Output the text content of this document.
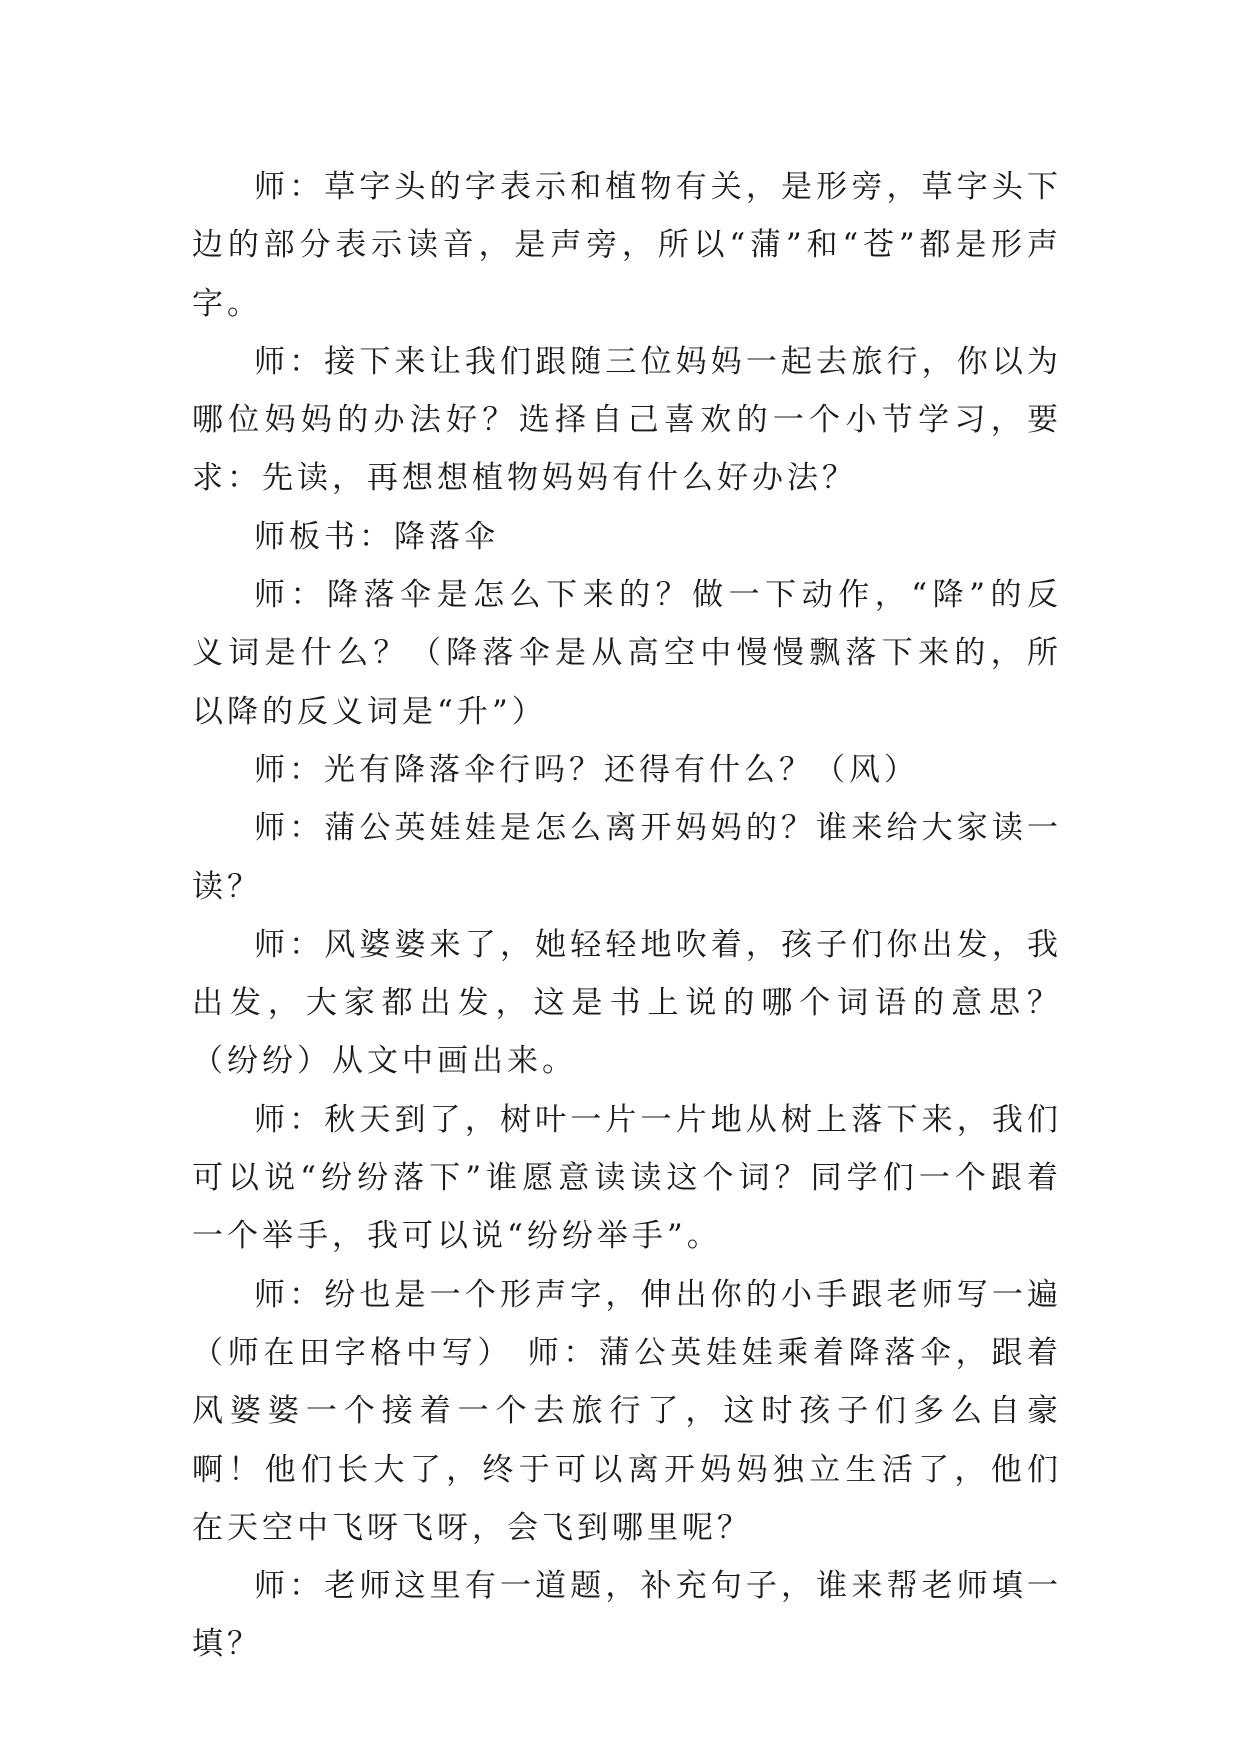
师：草字头的字表示和植物有关，是形旁，草字头下边的部分表示读音，是声旁，所以“蒲”和“苍”都是形声字。

师：接下来让我们跟随三位妈妈一起去旅行，你以为哪位妈妈的办法好？选择自己喜欢的一个小节学习，要求：先读，再想想植物妈妈有什么好办法？

师板书：降落伞

师：降落伞是怎么下来的？做一下动作，“降”的反义词是什么？（降落伞是从高空中慢慢飘落下来的，所以降的反义词是“升”）

师：光有降落伞行吗？还得有什么？（风）

师：蒲公英娃娃是怎么离开妈妈的？谁来给大家读一读？

师：风婆婆来了，她轻轻地吹着，孩子们你出发，我出发，大家都出发，这是书上说的哪个词语的意思？（纷纷）从文中画出来。

师：秋天到了，树叶一片一片地从树上落下来，我们可以说“纷纷落下”谁愿意读读这个词？同学们一个跟着一个举手，我可以说“纷纷举手”。

师：纷也是一个形声字，伸出你的小手跟老师写一遍（师在田字格中写） 师：蒲公英娃娃乘着降落伞，跟着风婆婆一个接着一个去旅行了，这时孩子们多么自豪啊！他们长大了，终于可以离开妈妈独立生活了，他们在天空中飞呀飞呀，会飞到哪里呢？

师：老师这里有一道题，补充句子，谁来帮老师填一填？
